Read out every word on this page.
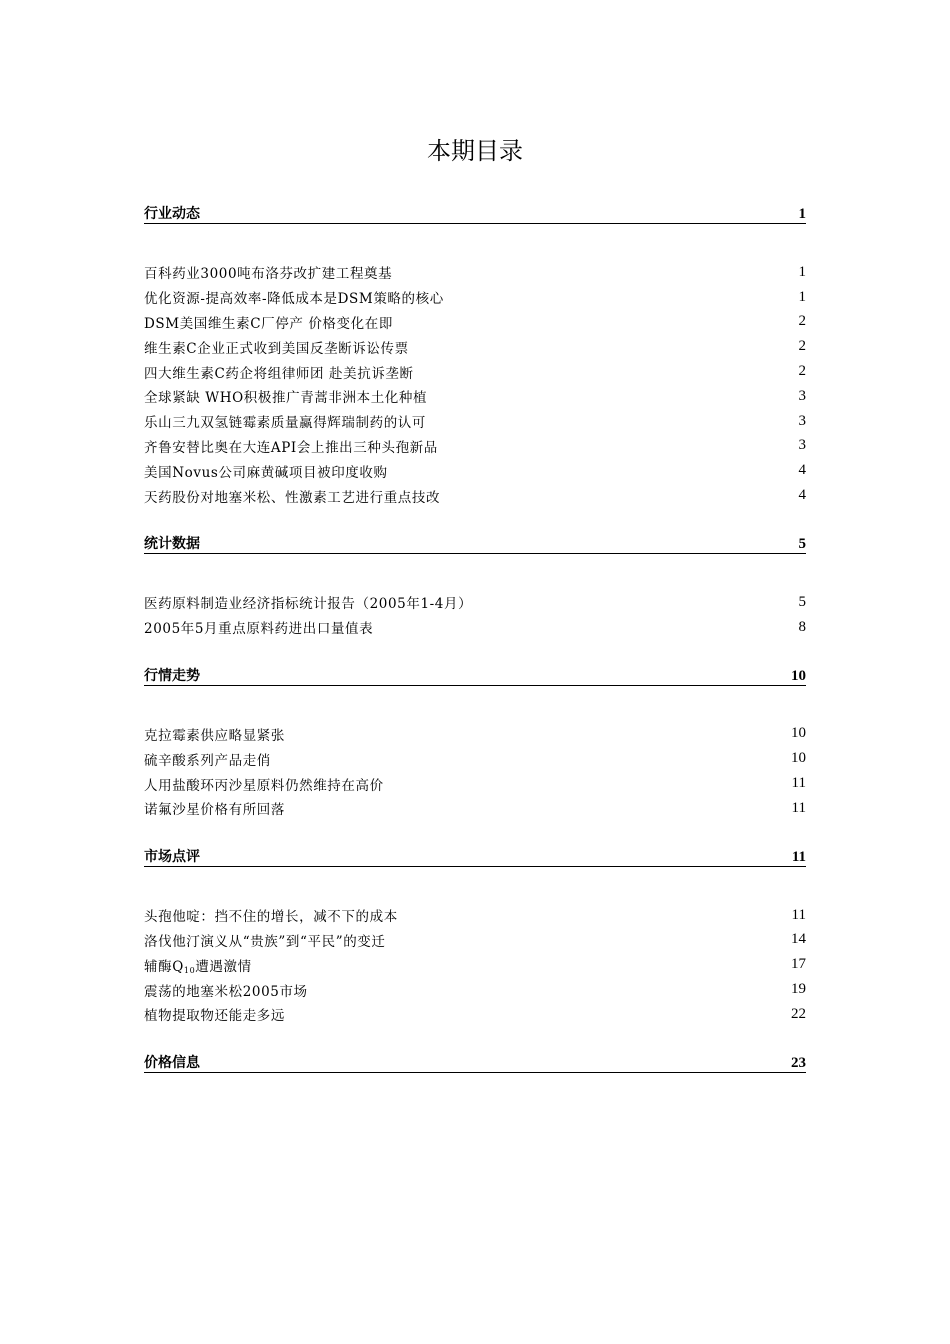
本期目录
行业动态	1
百科药业3000吨布洛芬改扩建工程奠基	1
优化资源-提高效率-降低成本是DSM策略的核心	1
DSM美国维生素C厂停产 价格变化在即	2
维生素C企业正式收到美国反垄断诉讼传票	2
四大维生素C药企将组律师团 赴美抗诉垄断	2
全球紧缺 WHO积极推广青蒿非洲本土化种植	3
乐山三九双氢链霉素质量赢得辉瑞制药的认可	3
齐鲁安替比奥在大连API会上推出三种头孢新品	3
美国Novus公司麻黄碱项目被印度收购	4
天药股份对地塞米松、性激素工艺进行重点技改	4
统计数据	5
医药原料制造业经济指标统计报告（2005年1-4月）	5
2005年5月重点原料药进出口量值表	8
行情走势	10
克拉霉素供应略显紧张	10
硫辛酸系列产品走俏	10
人用盐酸环丙沙星原料仍然维持在高价	11
诺氟沙星价格有所回落	11
市场点评	11
头孢他啶：挡不住的增长，减不下的成本	11
洛伐他汀演义从“贵族”到“平民”的变迁	14
辅酶$Q_{10}$遭遇激情	17
震荡的地塞米松2005市场	19
植物提取物还能走多远	22
价格信息	23
